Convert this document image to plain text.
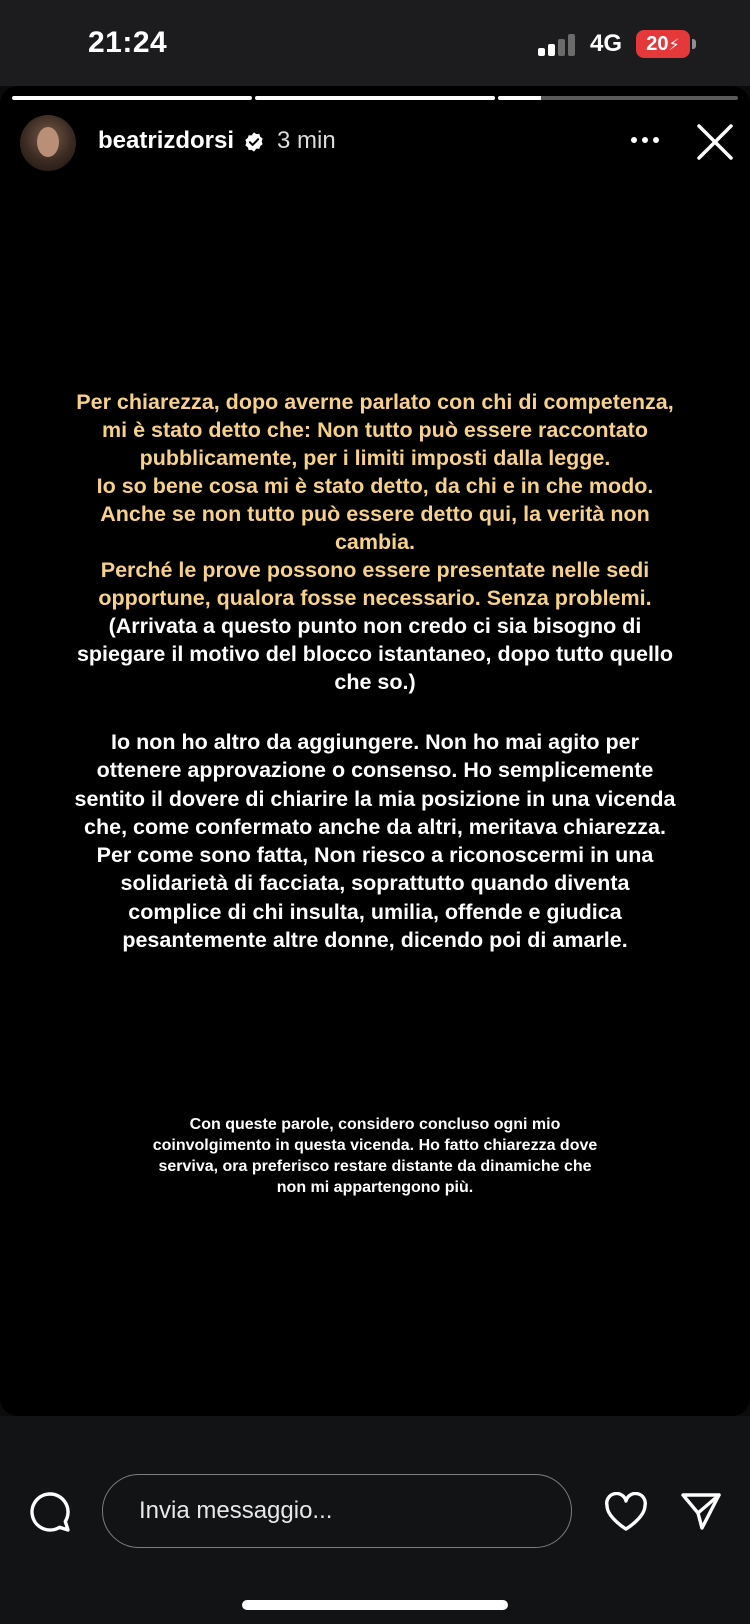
21:24	4G	20⚡
beatrizdorsi 3 min
Per chiarezza, dopo averne parlato con chi di competenza,
mi è stato detto che: Non tutto può essere raccontato
pubblicamente, per i limiti imposti dalla legge.
Io so bene cosa mi è stato detto, da chi e in che modo.
Anche se non tutto può essere detto qui, la verità non
cambia.
Perché le prove possono essere presentate nelle sedi
opportune, qualora fosse necessario. Senza problemi.
(Arrivata a questo punto non credo ci sia bisogno di
spiegare il motivo del blocco istantaneo, dopo tutto quello
che so.)
Io non ho altro da aggiungere. Non ho mai agito per
ottenere approvazione o consenso. Ho semplicemente
sentito il dovere di chiarire la mia posizione in una vicenda
che, come confermato anche da altri, meritava chiarezza.
Per come sono fatta, Non riesco a riconoscermi in una
solidarietà di facciata, soprattutto quando diventa
complice di chi insulta, umilia, offende e giudica
pesantemente altre donne, dicendo poi di amarle.
Con queste parole, considero concluso ogni mio
coinvolgimento in questa vicenda. Ho fatto chiarezza dove
serviva, ora preferisco restare distante da dinamiche che
non mi appartengono più.
Invia messaggio...
